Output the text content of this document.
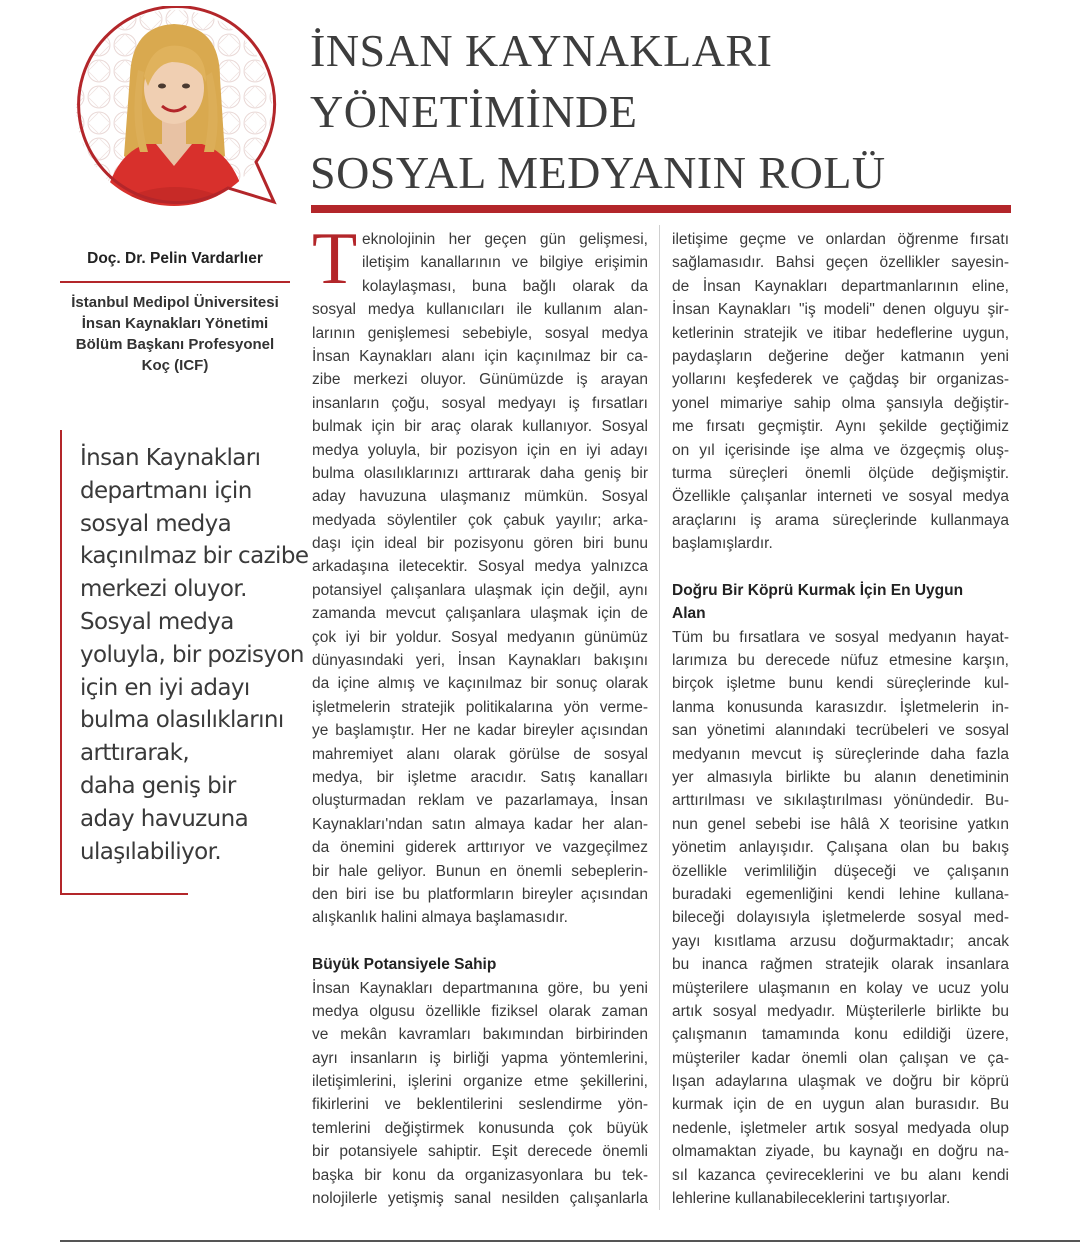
Doç. Dr. Pelin Vardarlıer
İstanbul Medipol Üniversitesi
İnsan Kaynakları Yönetimi
Bölüm Başkanı Profesyonel
Koç (ICF)
İnsan Kaynakları
departmanı için
sosyal medya
kaçınılmaz bir cazibe
merkezi oluyor.
Sosyal medya
yoluyla, bir pozisyon
için en iyi adayı
bulma olasılıklarını
arttırarak,
daha geniş bir
aday havuzuna
ulaşılabiliyor.
İNSAN KAYNAKLARI
YÖNETİMİNDE
SOSYAL MEDYANIN ROLÜ
T eknolojinin her geçen gün gelişmesi,
iletişim kanallarının ve bilgiye erişimin
kolaylaşması, buna bağlı olarak da
sosyal medya kullanıcıları ile kullanım alan-
larının genişlemesi sebebiyle, sosyal medya
İnsan Kaynakları alanı için kaçınılmaz bir ca-
zibe merkezi oluyor. Günümüzde iş arayan
insanların çoğu, sosyal medyayı iş fırsatları
bulmak için bir araç olarak kullanıyor. Sosyal
medya yoluyla, bir pozisyon için en iyi adayı
bulma olasılıklarınızı arttırarak daha geniş bir
aday havuzuna ulaşmanız mümkün. Sosyal
medyada söylentiler çok çabuk yayılır; arka-
daşı için ideal bir pozisyonu gören biri bunu
arkadaşına iletecektir. Sosyal medya yalnızca
potansiyel çalışanlara ulaşmak için değil, aynı
zamanda mevcut çalışanlara ulaşmak için de
çok iyi bir yoldur. Sosyal medyanın günümüz
dünyasındaki yeri, İnsan Kaynakları bakışını
da içine almış ve kaçınılmaz bir sonuç olarak
işletmelerin stratejik politikalarına yön verme-
ye başlamıştır. Her ne kadar bireyler açısından
mahremiyet alanı olarak görülse de sosyal
medya, bir işletme aracıdır. Satış kanalları
oluşturmadan reklam ve pazarlamaya, İnsan
Kaynakları'ndan satın almaya kadar her alan-
da önemini giderek arttırıyor ve vazgeçilmez
bir hale geliyor. Bunun en önemli sebeplerin-
den biri ise bu platformların bireyler açısından
alışkanlık halini almaya başlamasıdır.
Büyük Potansiyele Sahip
İnsan Kaynakları departmanına göre, bu yeni
medya olgusu özellikle fiziksel olarak zaman
ve mekân kavramları bakımından birbirinden
ayrı insanların iş birliği yapma yöntemlerini,
iletişimlerini, işlerini organize etme şekillerini,
fikirlerini ve beklentilerini seslendirme yön-
temlerini değiştirmek konusunda çok büyük
bir potansiyele sahiptir. Eşit derecede önemli
başka bir konu da organizasyonlara bu tek-
nolojilerle yetişmiş sanal nesilden çalışanlarla
iletişime geçme ve onlardan öğrenme fırsatı
sağlamasıdır. Bahsi geçen özellikler sayesin-
de İnsan Kaynakları departmanlarının eline,
İnsan Kaynakları "iş modeli" denen olguyu şir-
ketlerinin stratejik ve itibar hedeflerine uygun,
paydaşların değerine değer katmanın yeni
yollarını keşfederek ve çağdaş bir organizas-
yonel mimariye sahip olma şansıyla değiştir-
me fırsatı geçmiştir. Aynı şekilde geçtiğimiz
on yıl içerisinde işe alma ve özgeçmiş oluş-
turma süreçleri önemli ölçüde değişmiştir.
Özellikle çalışanlar interneti ve sosyal medya
araçlarını iş arama süreçlerinde kullanmaya
başlamışlardır.
Doğru Bir Köprü Kurmak İçin En Uygun
Alan
Tüm bu fırsatlara ve sosyal medyanın hayat-
larımıza bu derecede nüfuz etmesine karşın,
birçok işletme bunu kendi süreçlerinde kul-
lanma konusunda karasızdır. İşletmelerin in-
san yönetimi alanındaki tecrübeleri ve sosyal
medyanın mevcut iş süreçlerinde daha fazla
yer almasıyla birlikte bu alanın denetiminin
arttırılması ve sıkılaştırılması yönündedir. Bu-
nun genel sebebi ise hâlâ X teorisine yatkın
yönetim anlayışıdır. Çalışana olan bu bakış
özellikle verimliliğin düşeceği ve çalışanın
buradaki egemenliğini kendi lehine kullana-
bileceği dolayısıyla işletmelerde sosyal med-
yayı kısıtlama arzusu doğurmaktadır; ancak
bu inanca rağmen stratejik olarak insanlara
müşterilere ulaşmanın en kolay ve ucuz yolu
artık sosyal medyadır. Müşterilerle birlikte bu
çalışmanın tamamında konu edildiği üzere,
müşteriler kadar önemli olan çalışan ve ça-
lışan adaylarına ulaşmak ve doğru bir köprü
kurmak için de en uygun alan burasıdır. Bu
nedenle, işletmeler artık sosyal medyada olup
olmamaktan ziyade, bu kaynağı en doğru na-
sıl kazanca çevireceklerini ve bu alanı kendi
lehlerine kullanabileceklerini tartışıyorlar.
